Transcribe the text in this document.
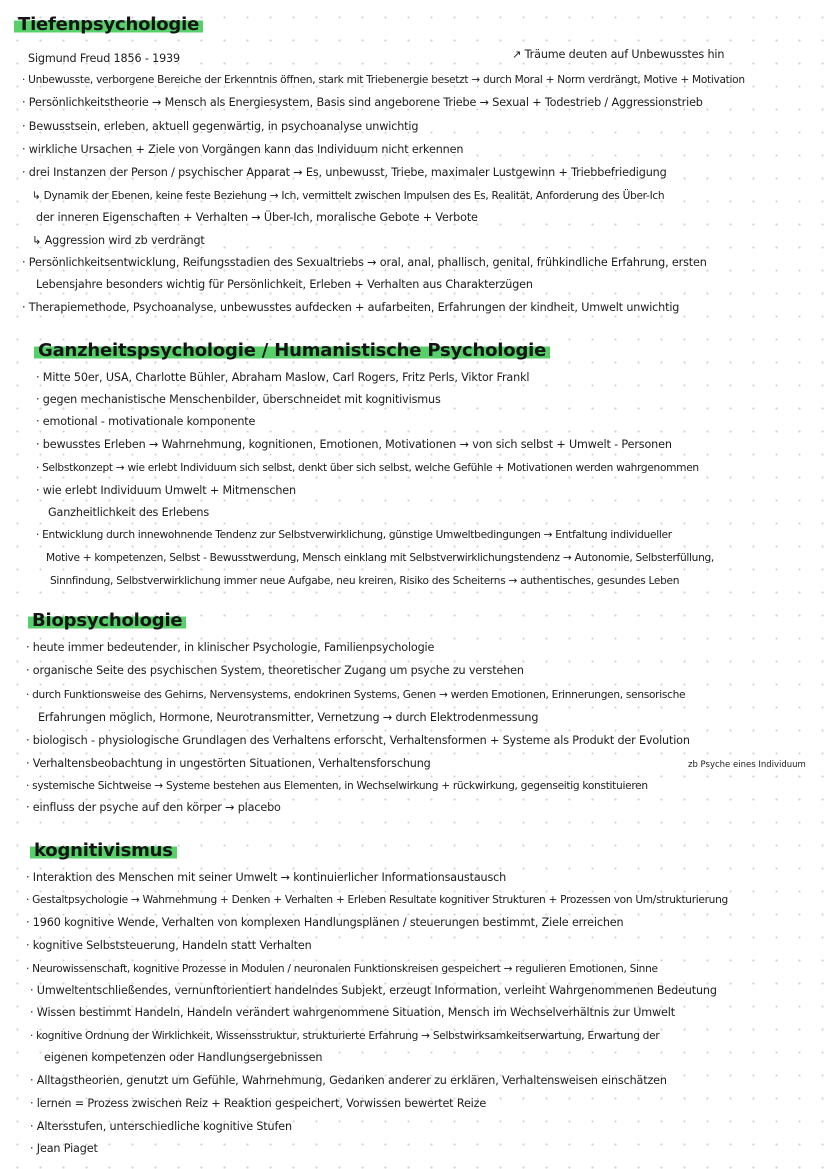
Tiefenpsychologie
↗ Träume deuten auf Unbewusstes hin
Sigmund Freud 1856 - 1939
· Unbewusste, verborgene Bereiche der Erkenntnis öffnen, stark mit Triebenergie besetzt → durch Moral + Norm verdrängt, Motive + Motivation
· Persönlichkeitstheorie → Mensch als Energiesystem, Basis sind angeborene Triebe → Sexual + Todestrieb / Aggressionstrieb
· Bewusstsein, erleben, aktuell gegenwärtig, in psychoanalyse unwichtig
· wirkliche Ursachen + Ziele von Vorgängen kann das Individuum nicht erkennen
· drei Instanzen der Person / psychischer Apparat → Es, unbewusst, Triebe, maximaler Lustgewinn + Triebbefriedigung
↳ Dynamik der Ebenen, keine feste Beziehung → Ich, vermittelt zwischen Impulsen des Es, Realität, Anforderung des Über-Ich
der inneren Eigenschaften + Verhalten → Über-Ich, moralische Gebote + Verbote
↳ Aggression wird zb verdrängt
· Persönlichkeitsentwicklung, Reifungsstadien des Sexualtriebs → oral, anal, phallisch, genital, frühkindliche Erfahrung, ersten
Lebensjahre besonders wichtig für Persönlichkeit, Erleben + Verhalten aus Charakterzügen
· Therapiemethode, Psychoanalyse, unbewusstes aufdecken + aufarbeiten, Erfahrungen der kindheit, Umwelt unwichtig
Ganzheitspsychologie / Humanistische Psychologie
· Mitte 50er, USA, Charlotte Bühler, Abraham Maslow, Carl Rogers, Fritz Perls, Viktor Frankl
· gegen mechanistische Menschenbilder, überschneidet mit kognitivismus
· emotional - motivationale komponente
· bewusstes Erleben → Wahrnehmung, kognitionen, Emotionen, Motivationen → von sich selbst + Umwelt - Personen
· Selbstkonzept → wie erlebt Individuum sich selbst, denkt über sich selbst, welche Gefühle + Motivationen werden wahrgenommen
· wie erlebt Individuum Umwelt + Mitmenschen
Ganzheitlichkeit des Erlebens
· Entwicklung durch innewohnende Tendenz zur Selbstverwirklichung, günstige Umweltbedingungen → Entfaltung individueller
Motive + kompetenzen, Selbst - Bewusstwerdung, Mensch einklang mit Selbstverwirklichungstendenz → Autonomie, Selbsterfüllung,
Sinnfindung, Selbstverwirklichung immer neue Aufgabe, neu kreiren, Risiko des Scheiterns → authentisches, gesundes Leben
Biopsychologie
· heute immer bedeutender, in klinischer Psychologie, Familienpsychologie
· organische Seite des psychischen System, theoretischer Zugang um psyche zu verstehen
· durch Funktionsweise des Gehirns, Nervensystems, endokrinen Systems, Genen → werden Emotionen, Erinnerungen, sensorische
Erfahrungen möglich, Hormone, Neurotransmitter, Vernetzung → durch Elektrodenmessung
· biologisch - physiologische Grundlagen des Verhaltens erforscht, Verhaltensformen + Systeme als Produkt der Evolution
· Verhaltensbeobachtung in ungestörten Situationen, Verhaltensforschung
· systemische Sichtweise → Systeme bestehen aus Elementen, in Wechselwirkung + rückwirkung, gegenseitig konstituieren
zb Psyche eines Individuum
· einfluss der psyche auf den körper → placebo
kognitivismus
· Interaktion des Menschen mit seiner Umwelt → kontinuierlicher Informationsaustausch
· Gestaltpsychologie → Wahrnehmung + Denken + Verhalten + Erleben Resultate kognitiver Strukturen + Prozessen von Um/strukturierung
· 1960 kognitive Wende, Verhalten von komplexen Handlungsplänen / steuerungen bestimmt, Ziele erreichen
· kognitive Selbststeuerung, Handeln statt Verhalten
· Neurowissenschaft, kognitive Prozesse in Modulen / neuronalen Funktionskreisen gespeichert → regulieren Emotionen, Sinne
· Umweltentschließendes, vernunftorientiert handelndes Subjekt, erzeugt Information, verleiht Wahrgenommenen Bedeutung
· Wissen bestimmt Handeln, Handeln verändert wahrgenommene Situation, Mensch im Wechselverhältnis zur Umwelt
· kognitive Ordnung der Wirklichkeit, Wissensstruktur, strukturierte Erfahrung → Selbstwirksamkeitserwartung, Erwartung der
eigenen kompetenzen oder Handlungsergebnissen
· Alltagstheorien, genutzt um Gefühle, Wahrnehmung, Gedanken anderer zu erklären, Verhaltensweisen einschätzen
· lernen = Prozess zwischen Reiz + Reaktion gespeichert, Vorwissen bewertet Reize
· Altersstufen, unterschiedliche kognitive Stufen
· Jean Piaget
